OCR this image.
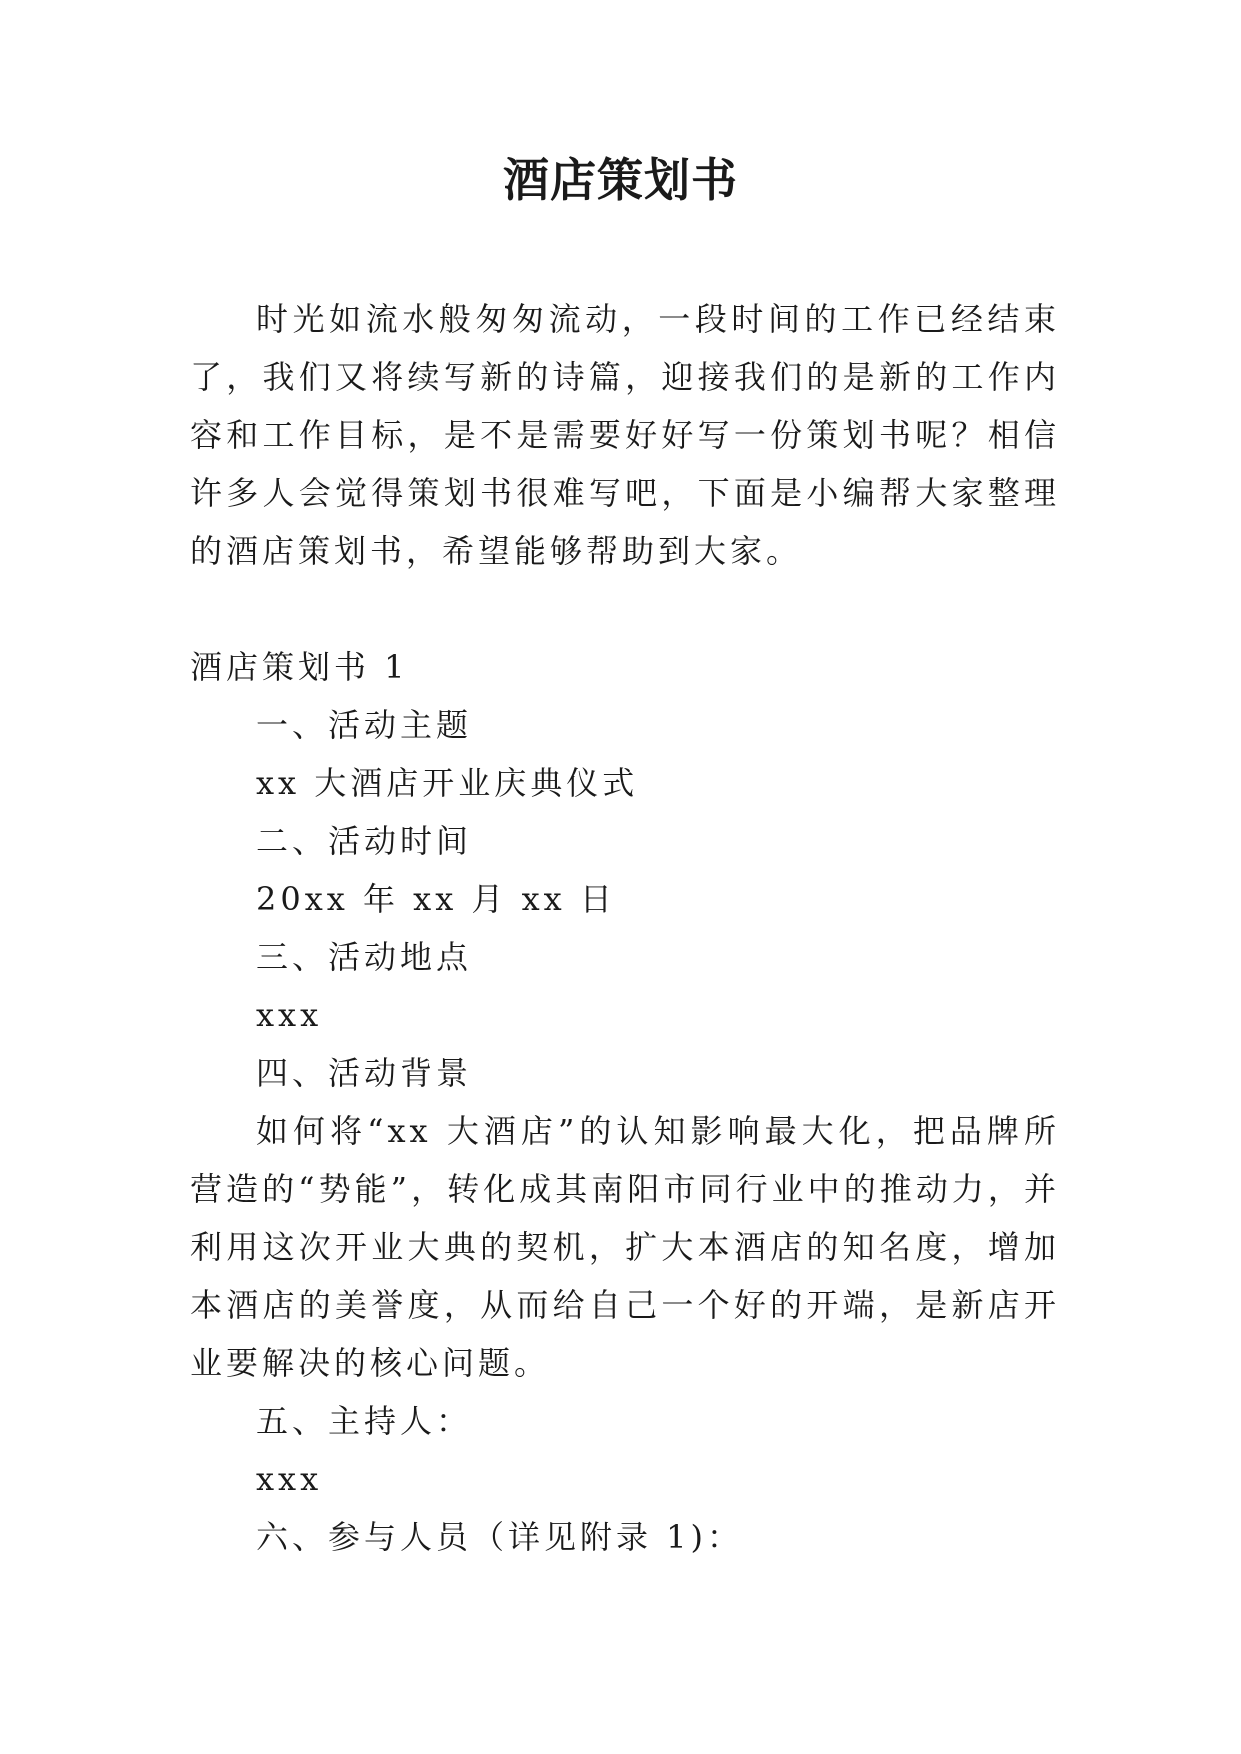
酒店策划书
时光如流水般匆匆流动，一段时间的工作已经结束了，我们又将续写新的诗篇，迎接我们的是新的工作内容和工作目标，是不是需要好好写一份策划书呢？相信许多人会觉得策划书很难写吧，下面是小编帮大家整理的酒店策划书，希望能够帮助到大家。

酒店策划书 1

一、活动主题

xx 大酒店开业庆典仪式

二、活动时间

20xx 年 xx 月 xx 日

三、活动地点

xxx

四、活动背景

如何将“xx 大酒店”的认知影响最大化，把品牌所营造的“势能”，转化成其南阳市同行业中的推动力，并利用这次开业大典的契机，扩大本酒店的知名度，增加本酒店的美誉度，从而给自己一个好的开端，是新店开业要解决的核心问题。

五、主持人：

xxx

六、参与人员（详见附录 1)：
